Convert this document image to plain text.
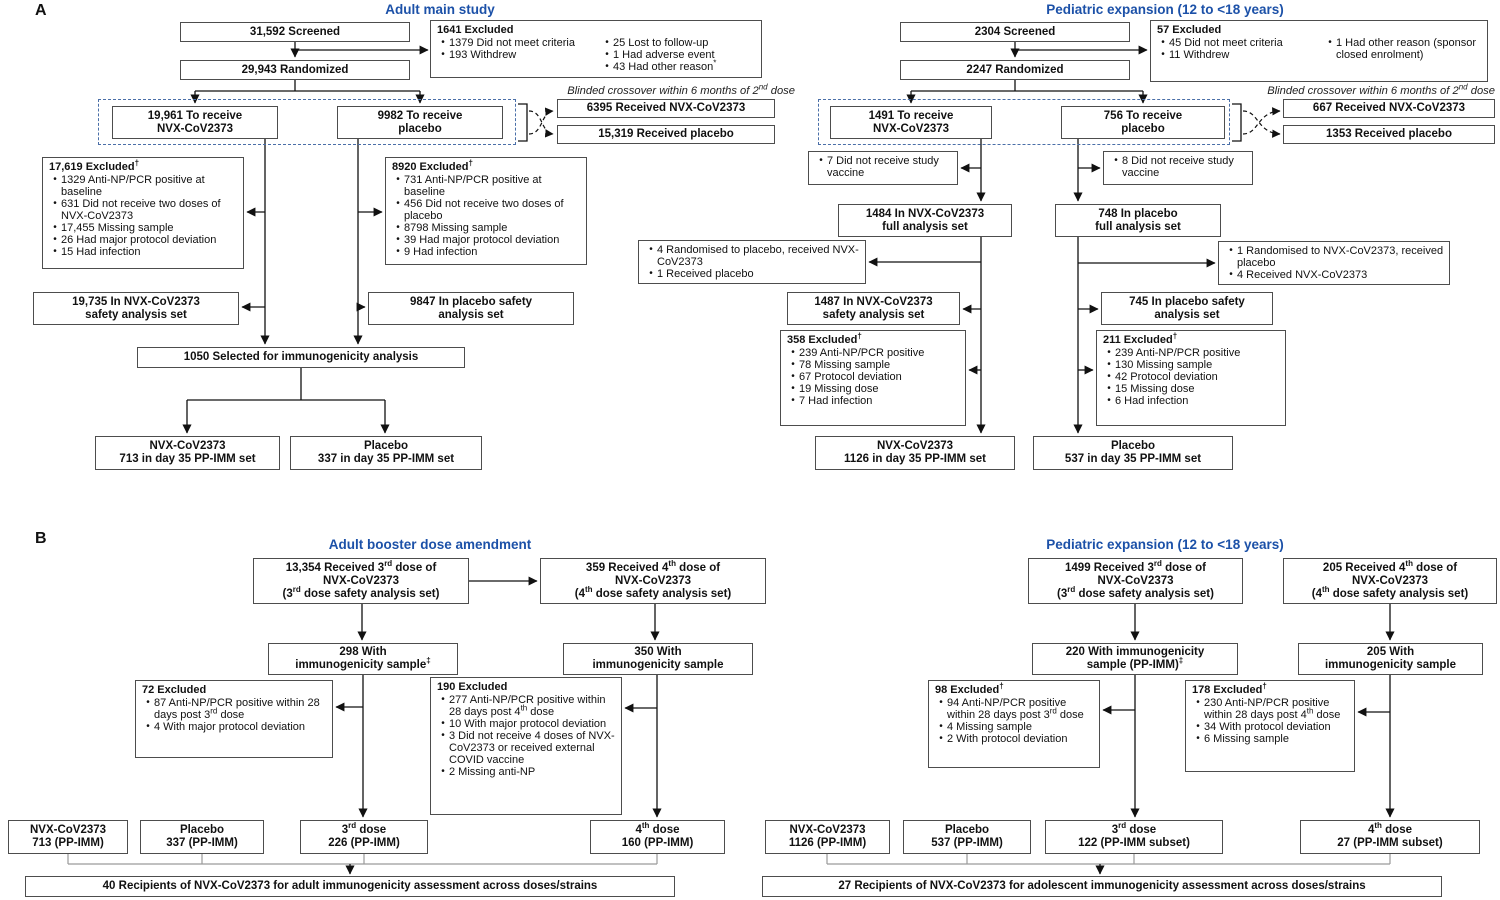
A	Adult main study	Pediatric expansion (12 to <18 years)
31,592 Screened	1641 Excluded
• 1379 Did not meet criteria
• 193 Withdrew
• 25 Lost to follow-up
• 1 Had adverse event
• 43 Had other reason*
29,943 Randomized
Blinded crossover within 6 months of 2nd dose
19,961 To receive
NVX-CoV2373
9982 To receive
placebo
6395 Received NVX-CoV2373
15,319 Received placebo
17,619 Excluded†
• 1329 Anti-NP/PCR positive at baseline
• 631 Did not receive two doses of NVX-CoV2373
• 17,455 Missing sample
• 26 Had major protocol deviation
• 15 Had infection
8920 Excluded†
• 731 Anti-NP/PCR positive at baseline
• 456 Did not receive two doses of placebo
• 8798 Missing sample
• 39 Had major protocol deviation
• 9 Had infection
19,735 In NVX-CoV2373
safety analysis set
9847 In placebo safety
analysis set
1050 Selected for immunogenicity analysis
NVX-CoV2373
713 in day 35 PP-IMM set
Placebo
337 in day 35 PP-IMM set
2304 Screened	57 Excluded
• 45 Did not meet criteria
• 11 Withdrew
• 1 Had other reason (sponsor closed enrolment)
2247 Randomized
Blinded crossover within 6 months of 2nd dose
1491 To receive
NVX-CoV2373
756 To receive
placebo
667 Received NVX-CoV2373
1353 Received placebo
• 7 Did not receive study vaccine
• 8 Did not receive study vaccine
1484 In NVX-CoV2373
full analysis set
748 In placebo
full analysis set
• 4 Randomised to placebo, received NVX-CoV2373
• 1 Received placebo
• 1 Randomised to NVX-CoV2373, received placebo
• 4 Received NVX-CoV2373
1487 In NVX-CoV2373
safety analysis set
745 In placebo safety
analysis set
358 Excluded†
• 239 Anti-NP/PCR positive
• 78 Missing sample
• 67 Protocol deviation
• 19 Missing dose
• 7 Had infection
211 Excluded†
• 239 Anti-NP/PCR positive
• 130 Missing sample
• 42 Protocol deviation
• 15 Missing dose
• 6 Had infection
NVX-CoV2373
1126 in day 35 PP-IMM set
Placebo
537 in day 35 PP-IMM set
B	Adult booster dose amendment	Pediatric expansion (12 to <18 years)
13,354 Received 3rd dose of
NVX-CoV2373
(3rd dose safety analysis set)
359 Received 4th dose of
NVX-CoV2373
(4th dose safety analysis set)
298 With
immunogenicity sample‡
350 With
immunogenicity sample
72 Excluded
• 87 Anti-NP/PCR positive within 28 days post 3rd dose
• 4 With major protocol deviation
190 Excluded
• 277 Anti-NP/PCR positive within 28 days post 4th dose
• 10 With major protocol deviation
• 3 Did not receive 4 doses of NVX-CoV2373 or received external COVID vaccine
• 2 Missing anti-NP
NVX-CoV2373
713 (PP-IMM)
Placebo
337 (PP-IMM)
3rd dose
226 (PP-IMM)
4th dose
160 (PP-IMM)
40 Recipients of NVX-CoV2373 for adult immunogenicity assessment across doses/strains
1499 Received 3rd dose of
NVX-CoV2373
(3rd dose safety analysis set)
205 Received 4th dose of
NVX-CoV2373
(4th dose safety analysis set)
220 With immunogenicity
sample (PP-IMM)‡
205 With
immunogenicity sample
98 Excluded†
• 94 Anti-NP/PCR positive within 28 days post 3rd dose
• 4 Missing sample
• 2 With protocol deviation
178 Excluded†
• 230 Anti-NP/PCR positive within 28 days post 4th dose
• 34 With protocol deviation
• 6 Missing sample
NVX-CoV2373
1126 (PP-IMM)
Placebo
537 (PP-IMM)
3rd dose
122 (PP-IMM subset)
4th dose
27 (PP-IMM subset)
27 Recipients of NVX-CoV2373 for adolescent immunogenicity assessment across doses/strains
